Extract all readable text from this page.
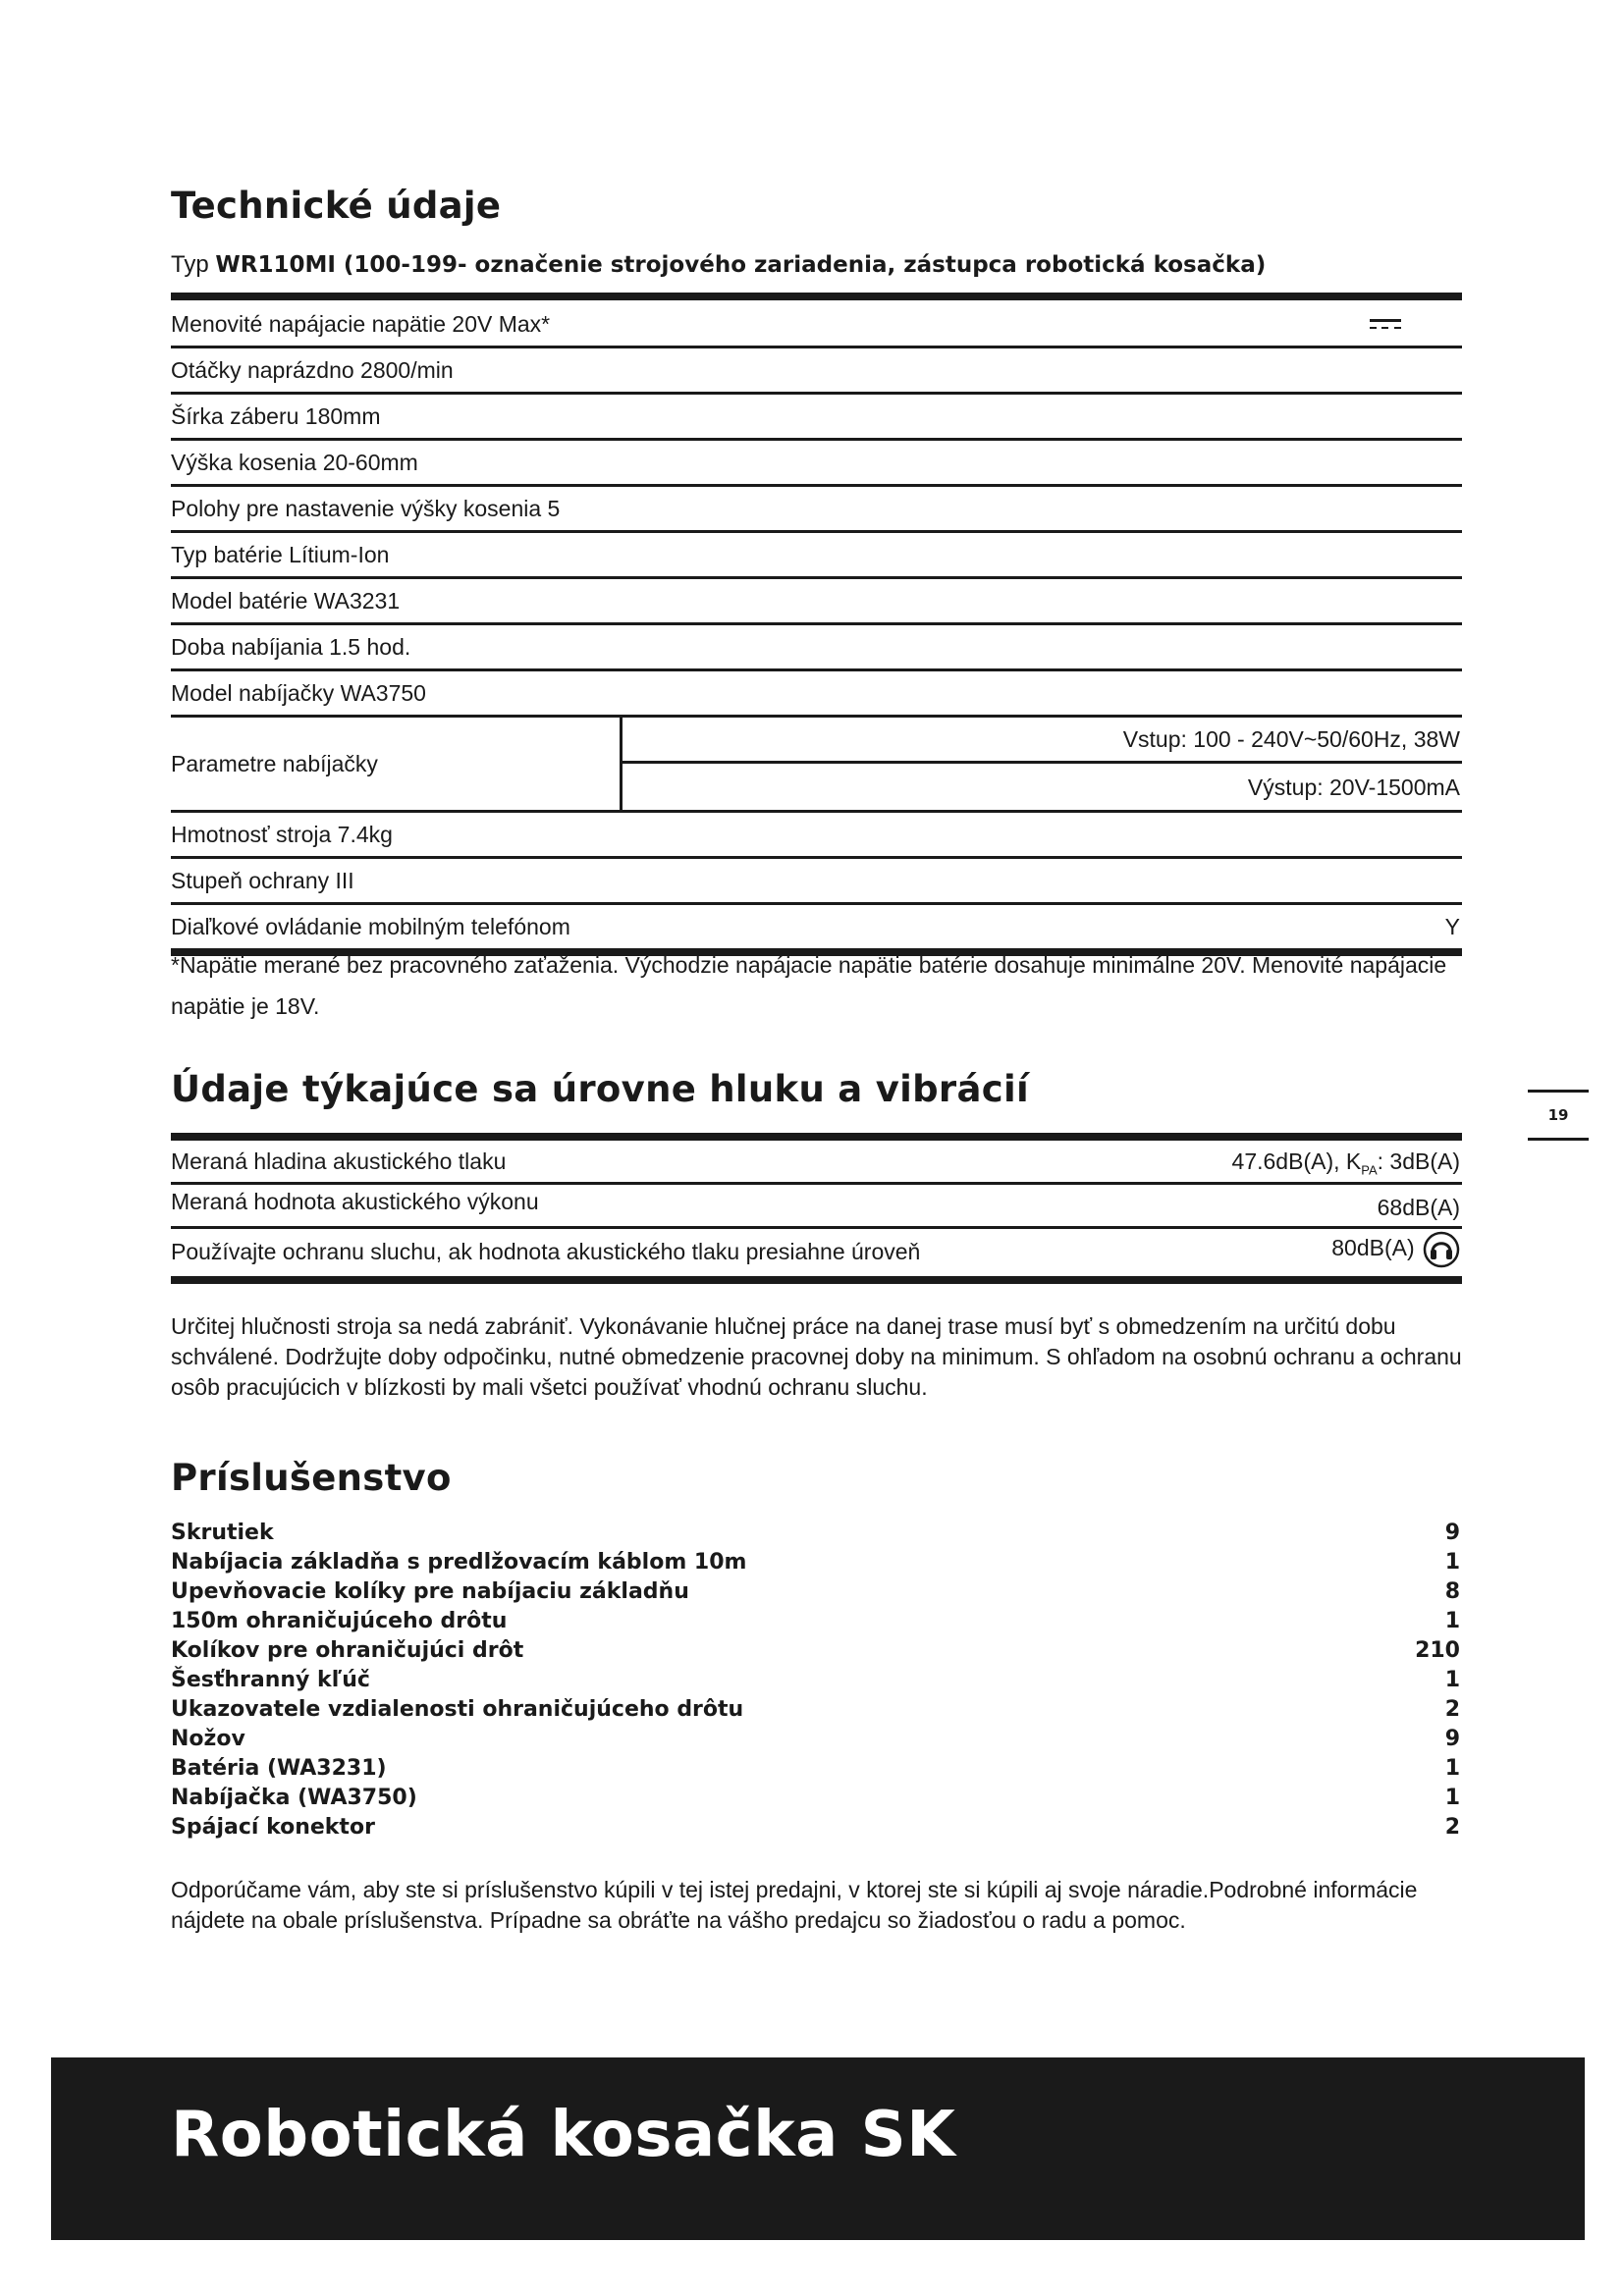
Technické údaje
Typ WR110MI (100-199- označenie strojového zariadenia, zástupca robotická kosačka)
Menovité napájacie napätie 20V Max*
Otáčky naprázdno 2800/min
Šírka záberu 180mm
Výška kosenia 20-60mm
Polohy pre nastavenie výšky kosenia 5
Typ batérie Lítium-Ion
Model batérie WA3231
Doba nabíjania 1.5 hod.
Model nabíjačky WA3750
Parametre nabíjačky
Vstup: 100 - 240V~50/60Hz, 38W
Výstup: 20V-1500mA
Hmotnosť stroja 7.4kg
Stupeň ochrany III
Diaľkové ovládanie mobilným telefónom	Y
*Napätie merané bez pracovného zaťaženia. Východzie napájacie napätie batérie dosahuje minimálne 20V. Menovité napájacie napätie je 18V.
Údaje týkajúce sa úrovne hluku a vibrácií
Meraná hladina akustického tlaku	47.6dB(A), $K_{PA}$: 3dB(A)
Meraná hodnota akustického výkonu	68dB(A)
Používajte ochranu sluchu, ak hodnota akustického tlaku presiahne úroveň	80dB(A)
19
Určitej hlučnosti stroja sa nedá zabrániť. Vykonávanie hlučnej práce na danej trase musí byť s obmedzením na určitú dobu schválené. Dodržujte doby odpočinku, nutné obmedzenie pracovnej doby na minimum. S ohľadom na osobnú ochranu a ochranu osôb pracujúcich v blízkosti by mali všetci používať vhodnú ochranu sluchu.
Príslušenstvo
Skrutiek	9
Nabíjacia základňa s predlžovacím káblom 10m	1
Upevňovacie kolíky pre nabíjaciu základňu	8
150m ohraničujúceho drôtu	1
Kolíkov pre ohraničujúci drôt	210
Šesťhranný kľúč	1
Ukazovatele vzdialenosti ohraničujúceho drôtu	2
Nožov	9
Batéria (WA3231)	1
Nabíjačka (WA3750)	1
Spájací konektor	2
Odporúčame vám, aby ste si príslušenstvo kúpili v tej istej predajni, v ktorej ste si kúpili aj svoje náradie.Podrobné informácie nájdete na obale príslušenstva. Prípadne sa obráťte na vášho predajcu so žiadosťou o radu a pomoc.
Robotická kosačka SK
